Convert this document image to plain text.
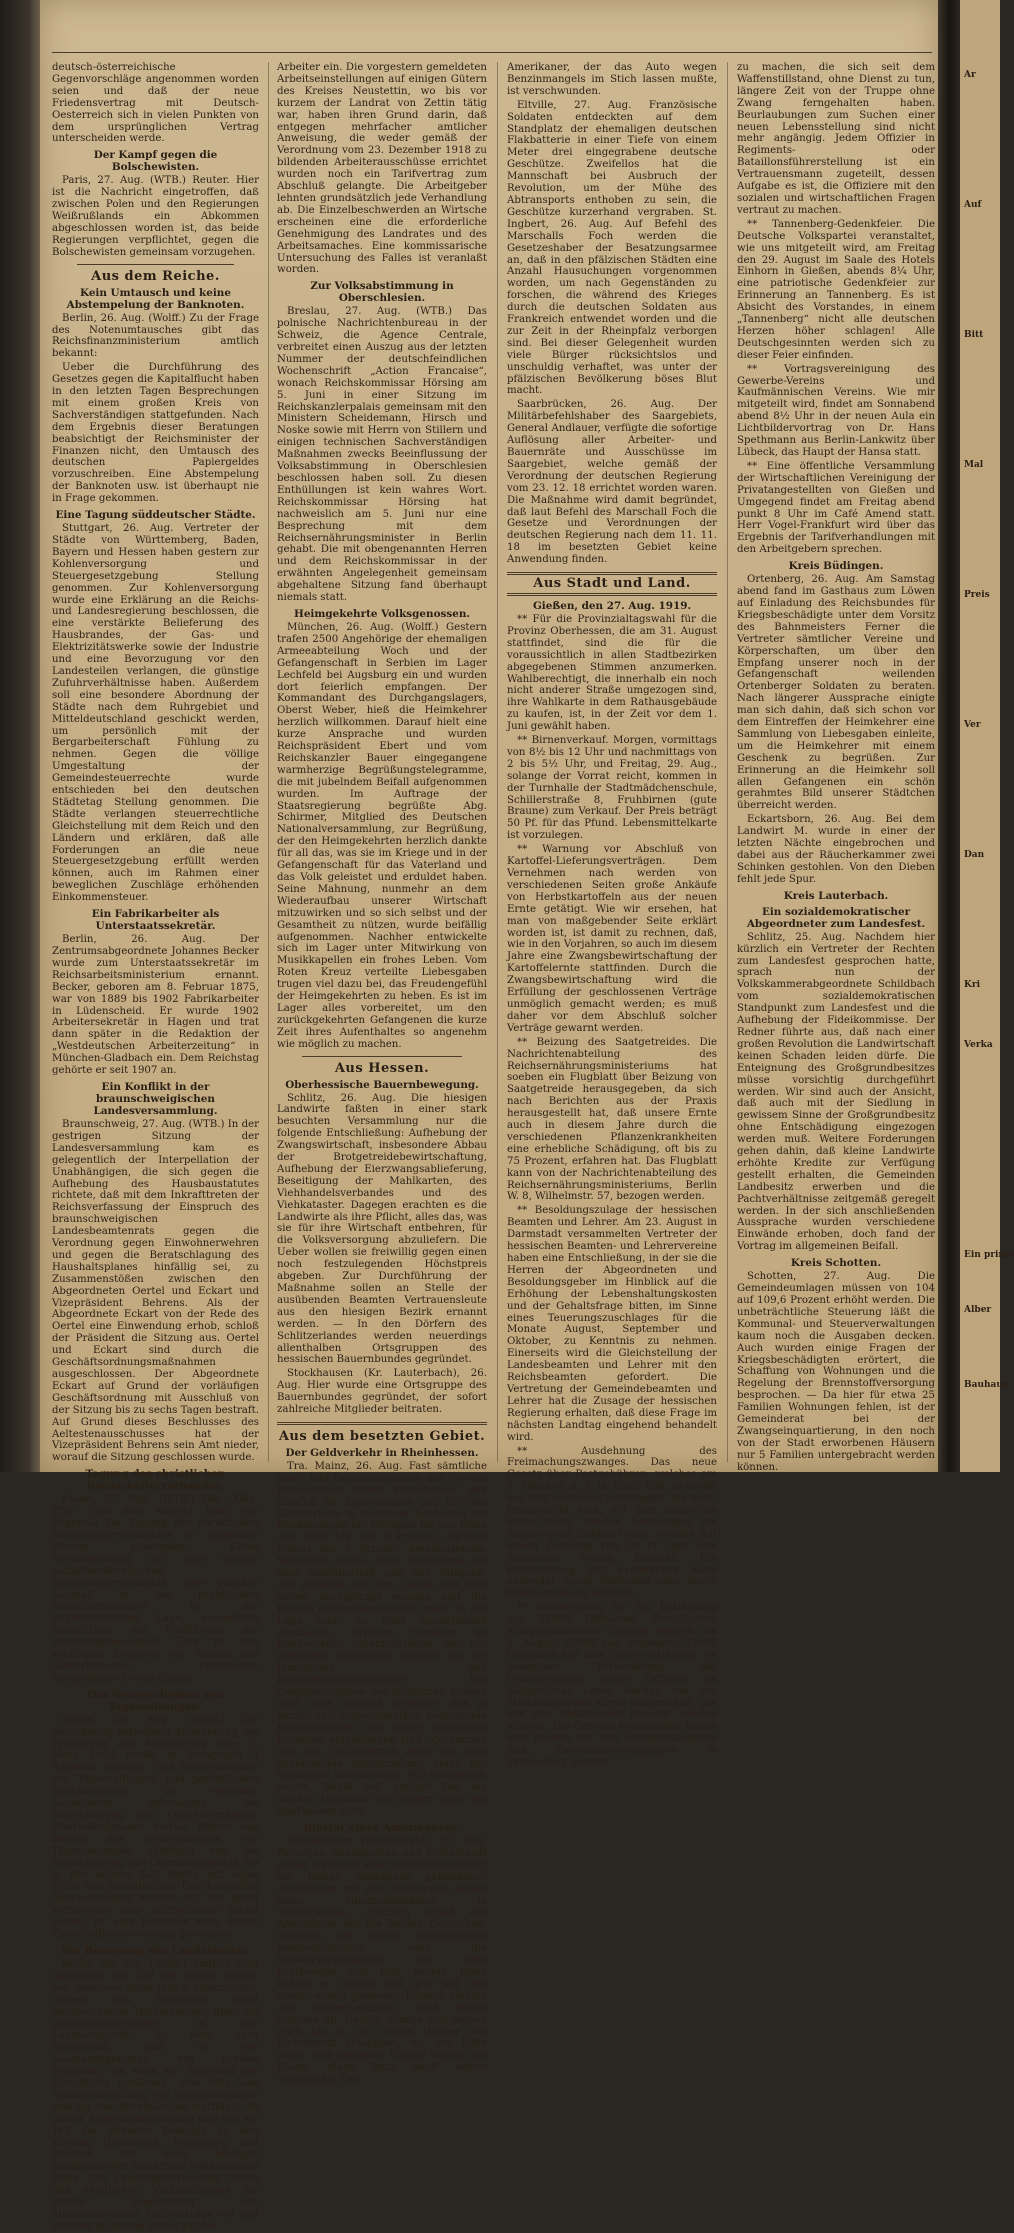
deutsch-österreichische Gegenvorschläge angenommen worden seien und daß der neue Friedensvertrag mit Deutsch-Oesterreich sich in vielen Punkten von dem ursprünglichen Vertrag unterscheiden werde.

Der Kampf gegen die Bolschewisten.

Paris, 27. Aug. (WTB.) Reuter. Hier ist die Nachricht eingetroffen, daß zwischen Polen und den Regierungen Weißrußlands ein Abkommen abgeschlossen worden ist, das beide Regierungen verpflichtet, gegen die Bolschewisten gemeinsam vorzugehen.

Aus dem Reiche.
Kein Umtausch und keine Abstempelung der Banknoten.

Berlin, 26. Aug. (Wolff.) Zu der Frage des Notenumtausches gibt das Reichsfinanzministerium amtlich bekannt:

Ueber die Durchführung des Gesetzes gegen die Kapitalflucht haben in den letzten Tagen Besprechungen mit einem großen Kreis von Sachverständigen stattgefunden. Nach dem Ergebnis dieser Beratungen beabsichtigt der Reichsminister der Finanzen nicht, den Umtausch des deutschen Papiergeldes vorzuschreiben. Eine Abstempelung der Banknoten usw. ist überhaupt nie in Frage gekommen.

Eine Tagung süddeutscher Städte.

Stuttgart, 26. Aug. Vertreter der Städte von Württemberg, Baden, Bayern und Hessen haben gestern zur Kohlenversorgung und Steuergesetzgebung Stellung genommen. Zur Kohlenversorgung wurde eine Erklärung an die Reichs- und Landesregierung beschlossen, die eine verstärkte Belieferung des Hausbrandes, der Gas- und Elektrizitätswerke sowie der Industrie und eine Bevorzugung vor den Landesteilen verlangen, die günstige Zufuhrverhältnisse haben. Außerdem soll eine besondere Abordnung der Städte nach dem Ruhrgebiet und Mitteldeutschland geschickt werden, um persönlich mit der Bergarbeiterschaft Fühlung zu nehmen. Gegen die völlige Umgestaltung der Gemeindesteuerrechte wurde entschieden bei den deutschen Städtetag Stellung genommen. Die Städte verlangen steuerrechtliche Gleichstellung mit dem Reich und den Ländern und erklären, daß alle Forderungen an die neue Steuergesetzgebung erfüllt werden können, auch im Rahmen einer beweglichen Zuschläge erhöhenden Einkommensteuer.

Ein Fabrikarbeiter als Unterstaatssekretär.

Berlin, 26. Aug. Der Zentrumsabgeordnete Johannes Becker wurde zum Unterstaatssekretär im Reichsarbeitsministerium ernannt. Becker, geboren am 8. Februar 1875, war von 1889 bis 1902 Fabrikarbeiter in Lüdenscheid. Er wurde 1902 Arbeitersekretär in Hagen und trat dann später in die Redaktion der „Westdeutschen Arbeiterzeitung“ in München-Gladbach ein. Dem Reichstag gehörte er seit 1907 an.

Ein Konflikt in der braunschweigischen Landesversammlung.

Braunschweig, 27. Aug. (WTB.) In der gestrigen Sitzung der Landesversammlung kam es gelegentlich der Interpellation der Unabhängigen, die sich gegen die Aufhebung des Hausbaustatutes richtete, daß mit dem Inkrafttreten der Reichsverfassung der Einspruch des braunschweigischen Landesbeamtenrats gegen die Verordnung gegen Einwohnerwehren und gegen die Beratschlagung des Haushaltsplanes hinfällig sei, zu Zusammenstößen zwischen den Abgeordneten Oertel und Eckart und Vizepräsident Behrens. Als der Abgeordnete Eckart von der Rede des Oertel eine Einwendung erhob, schloß der Präsident die Sitzung aus. Oertel und Eckart sind durch die Geschäftsordnungsmaßnahmen ausgeschlossen. Der Abgeordnete Eckart auf Grund der vorläufigen Geschäftsordnung mit Ausschluß von der Sitzung bis zu sechs Tagen bestraft. Auf Grund dieses Beschlusses des Aeltestenausschusses hat der Vizepräsident Behrens sein Amt nieder, worauf die Sitzung geschlossen wurde.

Tagung des christlichen Bergarbeiterverbandes.

Essen, 27. Aug. (WTB.) Die „Köln. Ztg.“ faßt ihre Ansicht über das Ergebnis der Tagung des christlichen Bergarbeiterverbandes in folgenden Worten zusammen: Keine Verschmelzung mit dem großen sozialdemokratischen Bergarbeiterverbande, aber gleiches Ausmaß in den praktischen Hauptforderungen in der augenblicklichen Lage, namentlich hinsichtlich der Einführung der Sechsstundenschicht. Das ist das wichtigste Ergebnis der Tagung des Gewerkvereins christlicher Bergarbeiter Deutschlands.

Das Neuerscheinen von Tageszeitungen.

Berlin, 26. Aug. (Wolff.) Die Verordnung betreffend Abänderung der Ergänzung der Verordnung vom 3. März 1919 erhält in Paragraph 3 folgende Fassung: Das Neuerscheinen von Tageszeitungen und periodischen Druckschriften ist verboten. Ausnahmen unterliegen der Genehmigung des Oberkommandos. Oberbefehlshaber Noske. Bisher war bereits das Neuerscheinen von Tageszeitungen abhängig von der Genehmigung des Oberkommandos. Da in der letzten Zeit Berlin mit einer Fülle von periodischen Druckschriften überschwemmt worden ist, die meist verbotenen oder unfriedlichen Inhalt haben, ist eine Kontrolle auch dieser Zeitschriften notwendig geworden.

Die Bewegung der Landarbeiter.

Berlin, 26. Aug. (Wolff.) Amtlich wird mitgeteilt: Ein Teil der Presse bringt, von gewisser Seite falsch unterrichtet, erneut den Tatsachen nicht entsprechende Darstellungen über die Arbeitseinstellungen in der Landwirtschaft. Es wird dazu festgestellt, daß in vier Ausstandsgebieten des Kreises Grimmen, die etwa ein Siebentel der Kreisfläche umfassen, eine teils lose Arbeitseinstellung von durchschnittlich drei bis vier Arbeitsleuten stattfand. An dieser Arbeitsniederlegung war nur ein Teil der Arbeiter beteiligt. In den Kreisen Greifswald, Franzburg und Rostock hat nach heutiger telephonischer Nachfrage vollkommene Ruhe. Die Landarbeitervereine traten den sämtlichen Verhandlungen für strikte Innehaltung der abgeschlossenen Tarifverträge ein und wirkten in diesem Sinne auf die

Arbeiter ein. Die vorgestern gemeldeten Arbeitseinstellungen auf einigen Gütern des Kreises Neustettin, wo bis vor kurzem der Landrat von Zettin tätig war, haben ihren Grund darin, daß entgegen mehrfacher amtlicher Anweisung, die weder gemäß der Verordnung vom 23. Dezember 1918 zu bildenden Arbeiterausschüsse errichtet wurden noch ein Tarifvertrag zum Abschluß gelangte. Die Arbeitgeber lehnten grundsätzlich jede Verhandlung ab. Die Einzelbeschwerden an Wirtsche erscheinen eine die erforderliche Genehmigung des Landrates und des Arbeitsamaches. Eine kommissarische Untersuchung des Falles ist veranlaßt worden.

Zur Volksabstimmung in Oberschlesien.

Breslau, 27. Aug. (WTB.) Das polnische Nachrichtenbureau in der Schweiz, die Agence Centrale, verbreitet einen Auszug aus der letzten Nummer der deutschfeindlichen Wochenschrift „Action Francaise“, wonach Reichskommissar Hörsing am 5. Juni in einer Sitzung im Reichskanzlerpalais gemeinsam mit den Ministern Scheidemann, Hirsch und Noske sowie mit Herrn von Stillern und einigen technischen Sachverständigen Maßnahmen zwecks Beeinflussung der Volksabstimmung in Oberschlesien beschlossen haben soll. Zu diesen Enthüllungen ist kein wahres Wort. Reichskommissar Hörsing hat nachweislich am 5. Juni nur eine Besprechung mit dem Reichsernährungsminister in Berlin gehabt. Die mit obengenannten Herren und dem Reichskommissar in der erwähnten Angelegenheit gemeinsam abgehaltene Sitzung fand überhaupt niemals statt.

Heimgekehrte Volksgenossen.

München, 26. Aug. (Wolff.) Gestern trafen 2500 Angehörige der ehemaligen Armeeabteilung Woch und der Gefangenschaft in Serbien im Lager Lechfeld bei Augsburg ein und wurden dort feierlich empfangen. Der Kommandant des Durchgangslagers, Oberst Weber, hieß die Heimkehrer herzlich willkommen. Darauf hielt eine kurze Ansprache und wurden Reichspräsident Ebert und vom Reichskanzler Bauer eingegangene warmherzige Begrüßungstelegramme, die mit jubelndem Beifall aufgenommen wurden. Im Auftrage der Staatsregierung begrüßte Abg. Schirmer, Mitglied des Deutschen Nationalversammlung, zur Begrüßung, der den Heimgekehrten herzlich dankte für all das, was sie im Kriege und in der Gefangenschaft für das Vaterland und das Volk geleistet und erduldet haben. Seine Mahnung, nunmehr an dem Wiederaufbau unserer Wirtschaft mitzuwirken und so sich selbst und der Gesamtheit zu nützen, wurde beifällig aufgenommen. Nachher entwickelte sich im Lager unter Mitwirkung von Musikkapellen ein frohes Leben. Vom Roten Kreuz verteilte Liebesgaben trugen viel dazu bei, das Freudengefühl der Heimgekehrten zu heben. Es ist im Lager alles vorbereitet, um den zurückgekehrten Gefangenen die kurze Zeit ihres Aufenthaltes so angenehm wie möglich zu machen.

Aus Hessen.
Oberhessische Bauernbewegung.

Schlitz, 26. Aug. Die hiesigen Landwirte faßten in einer stark besuchten Versammlung nur die folgende Entschließung: Aufhebung der Zwangswirtschaft, insbesondere Abbau der Brotgetreidebewirtschaftung, Aufhebung der Eierzwangsablieferung, Beseitigung der Mahlkarten, des Viehhandelsverbandes und des Viehkataster. Dagegen erachten es die Landwirte als ihre Pflicht, alles das, was sie für ihre Wirtschaft entbehren, für die Volksversorgung abzuliefern. Die Ueber wollen sie freiwillig gegen einen noch festzulegenden Höchstpreis abgeben. Zur Durchführung der Maßnahme sollen an Stelle der ausübenden Beamten Vertrauensleute aus den hiesigen Bezirk ernannt werden. — In den Dörfern des Schlitzerlandes werden neuerdings allenthalben Ortsgruppen des hessischen Bauernbundes gegründet.

Stockhausen (Kr. Lauterbach), 26. Aug. Hier wurde eine Ortsgruppe des Bauernbundes gegründet, der sofort zahlreiche Mitglieder beitraten.

Aus dem besetzten Gebiet.
Der Geldverkehr in Rheinhessen.

Tra. Mainz, 26. Aug. Fast sämtliche Spar- und Darlehenskassen der Provinz Rheinhessen haben beschlossen, den Zinsfuß für Spareinlagen und für den Geldverkehr in laufender Rechnung für Rückeinlagen bei Einlagen bis zur Höhe von 2000 Mk. auf 3 Prozent, darüber hinaus auf 2 Prozent herabzusetzen. Veranlaßt wurde diese Maßnahme mit dem Geldüberfluß und der Tatsache, daß Zorleben auf dem Lande weit jetzt selten nachgefragt werden und die Kassen infolgedessen nicht mehr in der Lage sind, ihr Geld zinsbringend anzulegen. Größere Summen im Bankverkehr unterzubringen, der mit niedrigen Zinssätzen arbeitet als der Immobilien- und Darlehenskassenverkehr. Die Geldüberschüsse der ländlichen Kassen wird noch dadurch vermehrt, daß in letzter Zeit außerordentlich bedeutende Rückzahlungen von früher gewährten Darlehen eingegangen sind. Zusammen mit dem Geldüberfluß zeigt sich eine zunehmende Mißstimmung unter der ländlichen Bevölkerung. Wie festgestellt wurde, findet seit einiger Zeit ein starkes Abfließen von Geldern nach den Sparkassen statt.

Bluttat eines Amerikaners.

Altenkirchen (Westerwald), 27. Aug. Zwischen Altenkirchen und Eichelhardt geriet während einer nächtlichen Fahrt ein bisher unbekannt gebliebener Amerikaner mit zwei Deutschen wegen eines Automobilankaufs in Streitigkeiten. Plötzlich schoß der Amerikaner auf die beiden Deutschen, verletzte sie durch Bauchschüsse lebensgefährlich, warf die Schwerverwundeten aus dem Kraftwagen und fuhr weiter. Dann kehrte er zurück und griff auf den einen, einem gewissen Eduard Neufch aus Niederwambach, noch einige Schüsse ab. Neufch konnte sich jedoch noch bis an die ersten Häuser von Eichelhardt schleppen, wo ihm Hilfe ward. Sein Begleiter, Gustav Wieser aus Essen, starb kurz nach seiner Auffindung. Der

Amerikaner, der das Auto wegen Benzinmangels im Stich lassen mußte, ist verschwunden.

Eltville, 27. Aug. Französische Soldaten entdeckten auf dem Standplatz der ehemaligen deutschen Flakbatterie in einer Tiefe von einem Meter drei eingegrabene deutsche Geschütze. Zweifellos hat die Mannschaft bei Ausbruch der Revolution, um der Mühe des Abtransports enthoben zu sein, die Geschütze kurzerhand vergraben. St. Ingbert, 26. Aug. Auf Befehl des Marschalls Foch werden die Gesetzeshaber der Besatzungsarmee an, daß in den pfälzischen Städten eine Anzahl Hausuchungen vorgenommen worden, um nach Gegenständen zu forschen, die während des Krieges durch die deutschen Soldaten aus Frankreich entwendet worden und die zur Zeit in der Rheinpfalz verborgen sind. Bei dieser Gelegenheit wurden viele Bürger rücksichtslos und unschuldig verhaftet, was unter der pfälzischen Bevölkerung böses Blut macht.

Saarbrücken, 26. Aug. Der Militärbefehlshaber des Saargebiets, General Andlauer, verfügte die sofortige Auflösung aller Arbeiter- und Bauernräte und Ausschüsse im Saargebiet, welche gemäß der Verordnung der deutschen Regierung vom 23. 12. 18 errichtet worden waren. Die Maßnahme wird damit begründet, daß laut Befehl des Marschall Foch die Gesetze und Verordnungen der deutschen Regierung nach dem 11. 11. 18 im besetzten Gebiet keine Anwendung finden.

Aus Stadt und Land.
Gießen, den 27. Aug. 1919.

** Für die Provinzialtagswahl für die Provinz Oberhessen, die am 31. August stattfindet, sind die für die voraussichtlich in allen Stadtbezirken abgegebenen Stimmen anzumerken. Wahlberechtigt, die innerhalb ein noch nicht anderer Straße umgezogen sind, ihre Wahlkarte in dem Rathausgebäude zu kaufen, ist, in der Zeit vor dem 1. Juni gewählt haben.

** Birnenverkauf. Morgen, vormittags von 8½ bis 12 Uhr und nachmittags von 2 bis 5½ Uhr, und Freitag, 29. Aug., solange der Vorrat reicht, kommen in der Turnhalle der Stadtmädchenschule, Schillerstraße 8, Fruhbirnen (gute Braune) zum Verkauf. Der Preis beträgt 50 Pf. für das Pfund. Lebensmittelkarte ist vorzulegen.

** Warnung vor Abschluß von Kartoffel-Lieferungsverträgen. Dem Vernehmen nach werden von verschiedenen Seiten große Ankäufe von Herbstkartoffeln aus der neuen Ernte getätigt. Wie wir ersehen, hat man von maßgebender Seite erklärt worden ist, ist damit zu rechnen, daß, wie in den Vorjahren, so auch im diesem Jahre eine Zwangsbewirtschaftung der Kartoffelernte stattfinden. Durch die Zwangsbewirtschaftung wird die Erfüllung der geschlossenen Verträge unmöglich gemacht werden; es muß daher vor dem Abschluß solcher Verträge gewarnt werden.

** Beizung des Saatgetreides. Die Nachrichtenabteilung des Reichsernährungsministeriums hat soeben ein Flugblatt über Beizung von Saatgetreide herausgegeben, da sich nach Berichten aus der Praxis herausgestellt hat, daß unsere Ernte auch in diesem Jahre durch die verschiedenen Pflanzenkrankheiten eine erhebliche Schädigung, oft bis zu 75 Prozent, erfahren hat. Das Flugblatt kann von der Nachrichtenabteilung des Reichsernährungsministeriums, Berlin W. 8, Wilhelmstr. 57, bezogen werden.

** Besoldungszulage der hessischen Beamten und Lehrer. Am 23. August in Darmstadt versammelten Vertreter der hessischen Beamten- und Lehrervereine haben eine Entschließung, in der sie die Herren der Abgeordneten und Besoldungsgeber im Hinblick auf die Erhöhung der Lebenshaltungskosten und der Gehaltsfrage bitten, im Sinne eines Teuerungszuschlages für die Monate August, September und Oktober, zu Kenntnis zu nehmen. Einerseits wird die Gleichstellung der Landesbeamten und Lehrer mit den Reichsbeamten gefordert. Die Vertretung der Gemeindebeamten und Lehrer hat die Zusage der hessischen Regierung erhalten, daß diese Frage im nächsten Landtag eingehend behandelt wird.

** Ausdehnung des Freimachungszwanges. Das neue Gesetz über Postgebühren, welches am 1. Oktober d. J. in Kraft tritt, schreibt vor, daß sämtliche Sendungen, die nicht freigemacht sind, mit dem doppelten Porto belegt werden. Sendungen, die ungenügend frankiert sind, werden mit einem Zuschlag von 10 Pf. und dem fehlenden Betrag belastet. Die Freimachung mit Freimarken kann entweder durch Aufkleben oder durch Freistempelung erfolgen.

** Vorbereitung für die Entlassung von 12000 Offizieren. Preußischen Kriegsministerium zufolge werden am 1. August 20000 von insgesamt 32000 Offizieren aus dem Heere entlassen. Als besondere Vorbereitung der Unterbringung dieser Offiziere im bürgerlichen Leben werden von den Militärbehörden Kurse eingerichtet, die von den Entlassenen besucht werden können. Die General-Kommandos haben sich bereits mit den Handelskammern und Gewerbevereinigungen in Verbindung gesetzt.

zu machen, die sich seit dem Waffenstillstand, ohne Dienst zu tun, längere Zeit von der Truppe ohne Zwang ferngehalten haben. Beurlaubungen zum Suchen einer neuen Lebensstellung sind nicht mehr angängig. Jedem Offizier in Regiments- oder Bataillonsführerstellung ist ein Vertrauensmann zugeteilt, dessen Aufgabe es ist, die Offiziere mit den sozialen und wirtschaftlichen Fragen vertraut zu machen.

** Tannenberg-Gedenkfeier. Die Deutsche Volkspartei veranstaltet, wie uns mitgeteilt wird, am Freitag den 29. August im Saale des Hotels Einhorn in Gießen, abends 8¼ Uhr, eine patriotische Gedenkfeier zur Erinnerung an Tannenberg. Es ist Absicht des Vorstandes, in einem „Tannenberg“ nicht alle deutschen Herzen höher schlagen! Alle Deutschgesinnten werden sich zu dieser Feier einfinden.

** Vortragsvereinigung des Gewerbe-Vereins und Kaufmännischen Vereins. Wie mir mitgeteilt wird, findet am Sonnabend abend 8½ Uhr in der neuen Aula ein Lichtbildervortrag von Dr. Hans Spethmann aus Berlin-Lankwitz über Lübeck, das Haupt der Hansa statt.

** Eine öffentliche Versammlung der Wirtschaftlichen Vereinigung der Privatangestellten von Gießen und Umgegend findet am Freitag abend punkt 8 Uhr im Café Amend statt. Herr Vogel-Frankfurt wird über das Ergebnis der Tarifverhandlungen mit den Arbeitgebern sprechen.

Kreis Büdingen.

Ortenberg, 26. Aug. Am Samstag abend fand im Gasthaus zum Löwen auf Einladung des Reichsbundes für Kriegsbeschädigte unter dem Vorsitz des Bahnmeisters Ferner die Vertreter sämtlicher Vereine und Körperschaften, um über den Empfang unserer noch in der Gefangenschaft weilenden Ortenberger Soldaten zu beraten. Nach längerer Aussprache einigte man sich dahin, daß sich schon vor dem Eintreffen der Heimkehrer eine Sammlung von Liebesgaben einleite, um die Heimkehrer mit einem Geschenk zu begrüßen. Zur Erinnerung an die Heimkehr soll allen Gefangenen ein schön gerahmtes Bild unserer Städtchen überreicht werden.

Eckartsborn, 26. Aug. Bei dem Landwirt M. wurde in einer der letzten Nächte eingebrochen und dabei aus der Räucherkammer zwei Schinken gestohlen. Von den Dieben fehlt jede Spur.

Kreis Lauterbach.
Ein sozialdemokratischer Abgeordneter zum Landesfest.

Schlitz, 25. Aug. Nachdem hier kürzlich ein Vertreter der Rechten zum Landesfest gesprochen hatte, sprach nun der Volkskammerabgeordnete Schildbach vom sozialdemokratischen Standpunkt zum Landesfest und die Aufhebung der Fideikommisse. Der Redner führte aus, daß nach einer großen Revolution die Landwirtschaft keinen Schaden leiden dürfe. Die Enteignung des Großgrundbesitzes müsse vorsichtig durchgeführt werden. Wir sind auch der Ansicht, daß auch mit der Siedlung in gewissem Sinne der Großgrundbesitz ohne Entschädigung eingezogen werden muß. Weitere Forderungen gehen dahin, daß kleine Landwirte erhöhte Kredite zur Verfügung gestellt erhalten, die Gemeinden Landbesitz erwerben und die Pachtverhältnisse zeitgemäß geregelt werden. In der sich anschließenden Aussprache wurden verschiedene Einwände erhoben, doch fand der Vortrag im allgemeinen Beifall.

Kreis Schotten.

Schotten, 27. Aug. Die Gemeindeumlagen müssen von 104 auf 109,6 Prozent erhöht werden. Die unbeträchtliche Steuerung läßt die Kommunal- und Steuerverwaltungen kaum noch die Ausgaben decken. Auch wurden einige Fragen der Kriegsbeschädigten erörtert, die Schaffung von Wohnungen und die Regelung der Brennstoffversorgung besprochen. — Da hier für etwa 25 Familien Wohnungen fehlen, ist der Gemeinderat bei der Zwangseinquartierung, in den noch von der Stadt erworbenen Häusern nur 5 Familien untergebracht werden können.

Ar
Auf
Bitt
Mal
Preis
Ver
Dan
Kri
Verka
Ein primo
Alber
Bauhaus
